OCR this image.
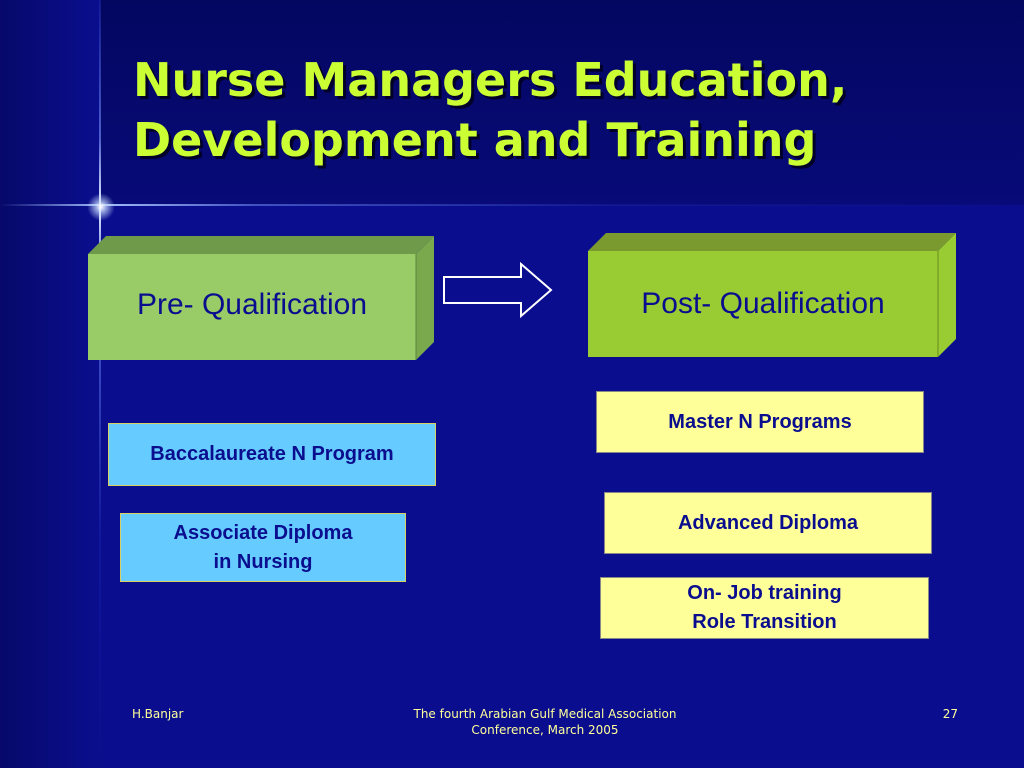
Nurse Managers Education,
Development and Training
Pre- Qualification	Post- Qualification
Baccalaureate N Program
Associate Diploma
in Nursing
Master N Programs
Advanced Diploma
On- Job training
Role Transition
H.Banjar	The fourth Arabian Gulf Medical Association
Conference, March 2005
27
